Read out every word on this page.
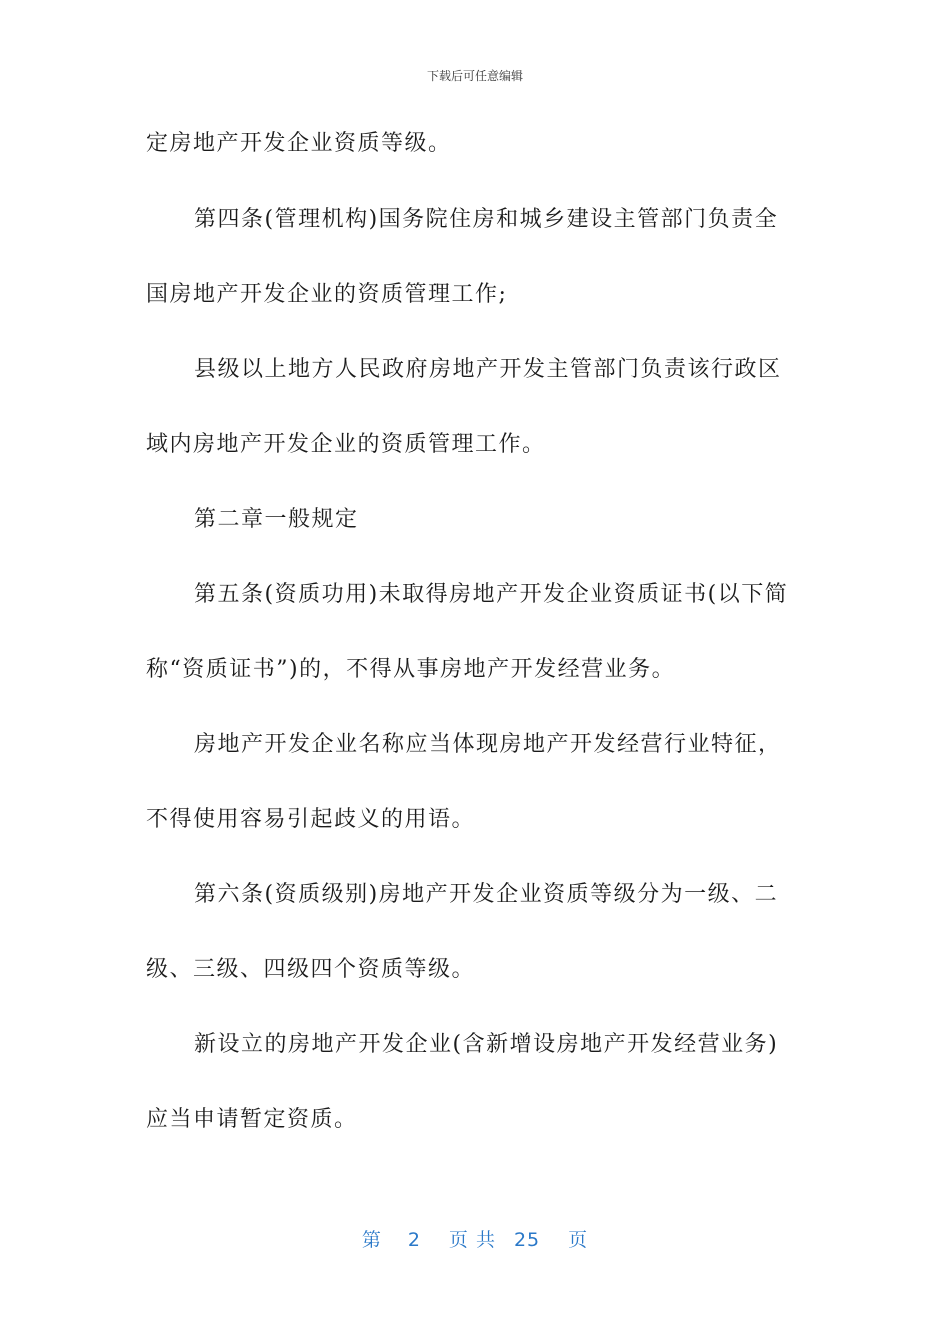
下载后可任意编辑
定房地产开发企业资质等级。
第四条(管理机构)国务院住房和城乡建设主管部门负责全
国房地产开发企业的资质管理工作;
县级以上地方人民政府房地产开发主管部门负责该行政区
域内房地产开发企业的资质管理工作。
第二章一般规定
第五条(资质功用)未取得房地产开发企业资质证书(以下简
称“资质证书”)的，不得从事房地产开发经营业务。
房地产开发企业名称应当体现房地产开发经营行业特征，
不得使用容易引起歧义的用语。
第六条(资质级别)房地产开发企业资质等级分为一级、二
级、三级、四级四个资质等级。
新设立的房地产开发企业(含新增设房地产开发经营业务)
应当申请暂定资质。
第 2 页 共 25 页
